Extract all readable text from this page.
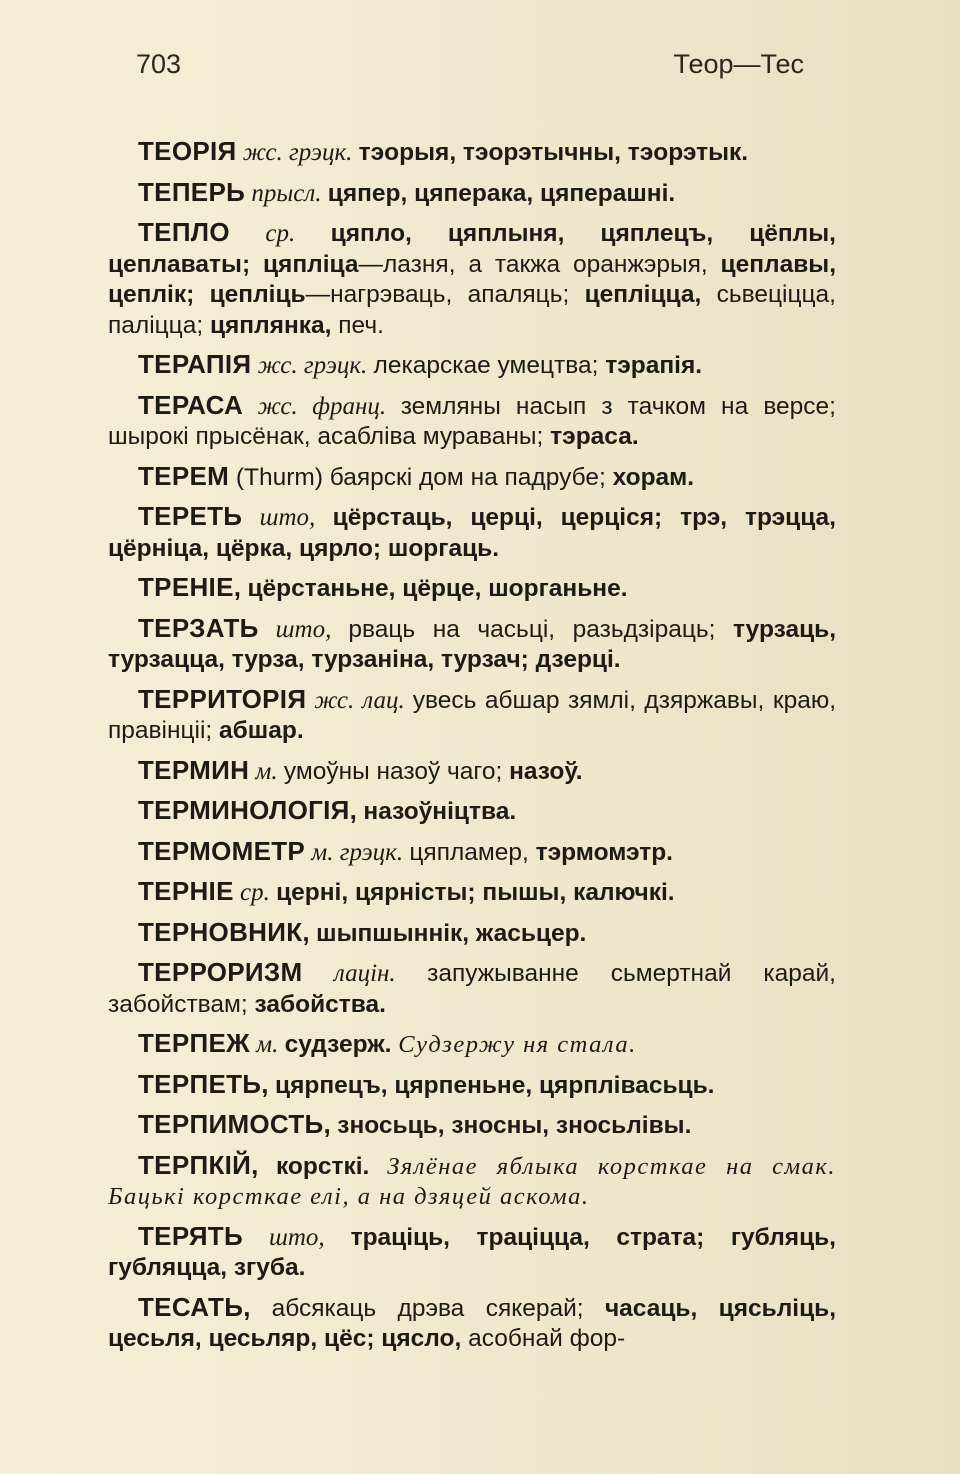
703	Теор—Тес

ТЕОРІЯ жс. грэцк. тэорыя, тэорэтычны, тэорэтык.

ТЕПЕРЬ прысл. цяпер, цяперака, цяперашні.

ТЕПЛО ср. цяпло, цяплыня, цяплецъ, цёплы, цеплаваты; цяпліца—лазня, а такжа оранжэрыя, цеплавы, цеплік; цепліць—нагрэваць, апаляць; цепліцца, сьвеціцца, паліцца; цяплянка, печ.

ТЕРАПІЯ жс. грэцк. лекарскае умецтва; тэрапія.

ТЕРАСА жс. франц. земляны насып з тачком на версе; шырокі прысёнак, асабліва мураваны; тэраса.

ТЕРЕМ (Thurm) баярскі дом на падрубе; хорам.

ТЕРЕТЬ што, цёрстаць, церці, церціся; трэ, трэцца, цёрніца, цёрка, цярло; шоргаць.

ТРЕНІЕ, цёрстаньне, цёрце, шорганьне.

ТЕРЗАТЬ што, рваць на часьці, разьдзіраць; турзаць, турзацца, турза, турзаніна, турзач; дзерці.

ТЕРРИТОРІЯ жс. лац. увесь абшар зямлі, дзяржавы, краю, правінціі; абшар.

ТЕРМИН м. умоўны назоў чаго; назоў.

ТЕРМИНОЛОГІЯ, назоўніцтва.

ТЕРМОМЕТР м. грэцк. цяпламер, тэрмомэтр.

ТЕРНІЕ ср. церні, цярністы; пышы, калючкі.

ТЕРНОВНИК, шыпшыннік, жасьцер.

ТЕРРОРИЗМ лацін. запужыванне сьмертнай карай, забойствам; забойства.

ТЕРПЕЖ м. судзерж. Судзержу ня стала.

ТЕРПЕТЬ, цярпецъ, цярпеньне, цярплівасьць.

ТЕРПИМОСТЬ, зносьць, зносны, зносьлівы.

ТЕРПКІЙ, корсткі. Зялёнае яблыка корсткае на смак. Бацькі корсткае елі, а на дзяцей аскома.

ТЕРЯТЬ што, траціць, траціцца, страта; губляць, губляцца, згуба.

ТЕСАТЬ, абсякаць дрэва сякерай; часаць, цясьліць, цесьля, цесьляр, цёс; цясло, асобнай фор-
